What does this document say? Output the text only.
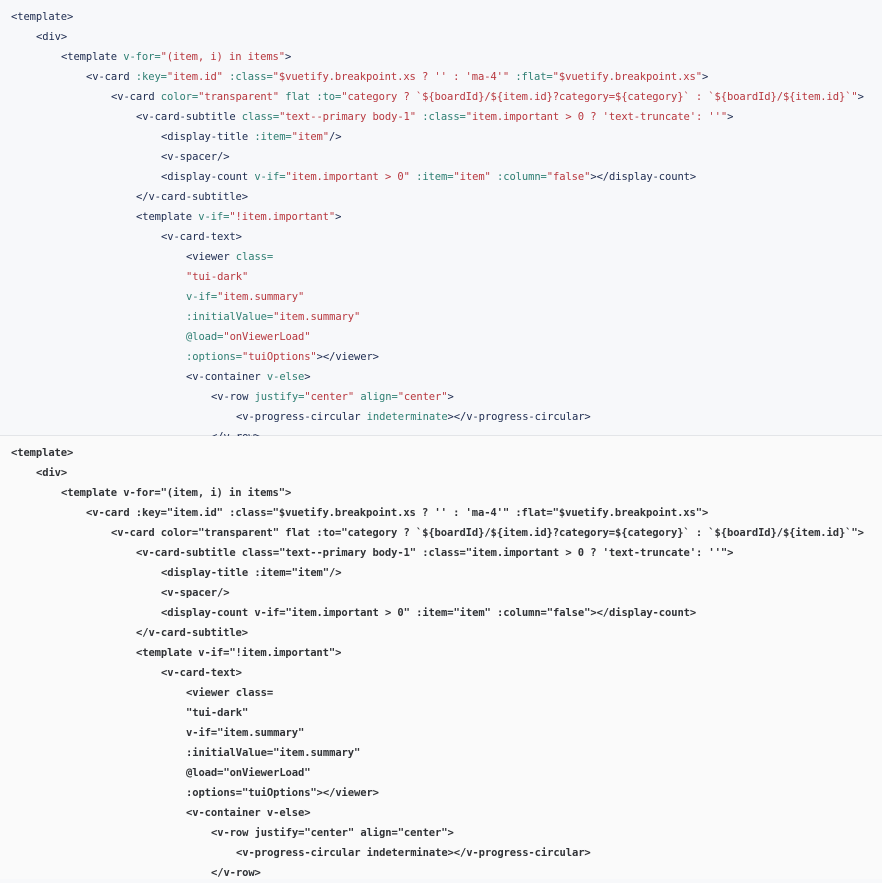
<template>
<div>
<template v-for="(item, i) in items">
<v-card :key="item.id" :class="$vuetify.breakpoint.xs ? '' : 'ma-4'" :flat="$vuetify.breakpoint.xs">
<v-card color="transparent" flat :to="category ? `${boardId}/${item.id}?category=${category}` : `${boardId}/${item.id}`">
<v-card-subtitle class="text--primary body-1" :class="item.important > 0 ? 'text-truncate': ''">
<display-title :item="item"/>
<v-spacer/>
<display-count v-if="item.important > 0" :item="item" :column="false"></display-count>
</v-card-subtitle>
<template v-if="!item.important">
<v-card-text>
<viewer class=
"tui-dark"
v-if="item.summary"
:initialValue="item.summary"
@load="onViewerLoad"
:options="tuiOptions"></viewer>
<v-container v-else>
<v-row justify="center" align="center">
<v-progress-circular indeterminate></v-progress-circular>
<template>
<div>
<template v-for="(item, i) in items">
<v-card :key="item.id" :class="$vuetify.breakpoint.xs ? '' : 'ma-4'" :flat="$vuetify.breakpoint.xs">
<v-card color="transparent" flat :to="category ? `${boardId}/${item.id}?category=${category}` : `${boardId}/${item.id}`">
<v-card-subtitle class="text--primary body-1" :class="item.important > 0 ? 'text-truncate': ''">
<display-title :item="item"/>
<v-spacer/>
<display-count v-if="item.important > 0" :item="item" :column="false"></display-count>
</v-card-subtitle>
<template v-if="!item.important">
<v-card-text>
<viewer class=
"tui-dark"
v-if="item.summary"
:initialValue="item.summary"
@load="onViewerLoad"
:options="tuiOptions"></viewer>
<v-container v-else>
<v-row justify="center" align="center">
<v-progress-circular indeterminate></v-progress-circular>
</v-row>
